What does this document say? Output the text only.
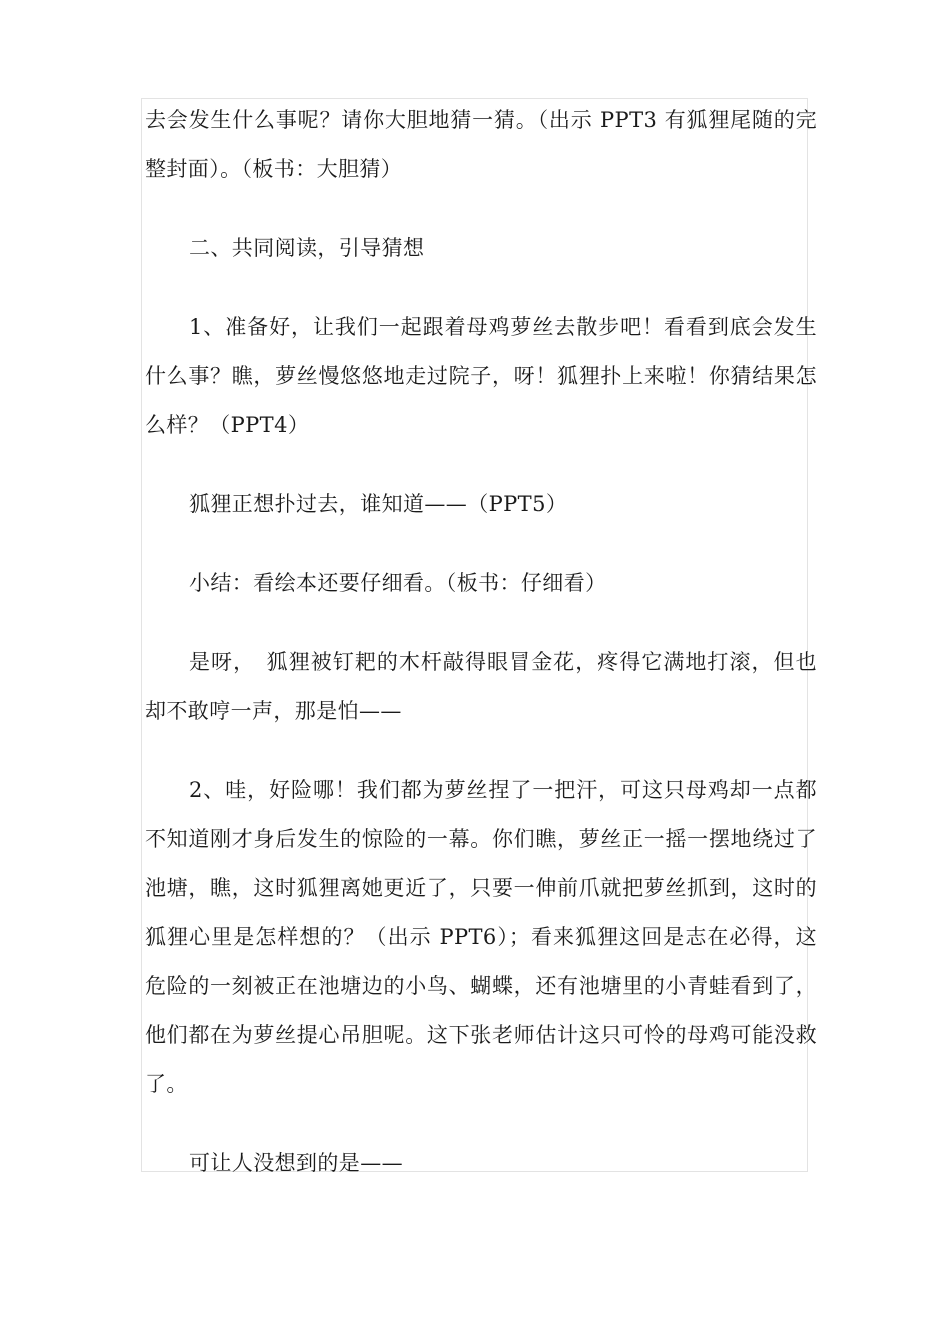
去会发生什么事呢？请你大胆地猜一猜。（出示 PPT3 有狐狸尾随的完整封面）。（板书：大胆猜）

二、共同阅读，引导猜想

1、准备好，让我们一起跟着母鸡萝丝去散步吧！看看到底会发生什么事？瞧，萝丝慢悠悠地走过院子，呀！狐狸扑上来啦！你猜结果怎么样？（PPT4）

狐狸正想扑过去，谁知道——（PPT5）

小结：看绘本还要仔细看。（板书：仔细看）

是呀，　狐狸被钉耙的木杆敲得眼冒金花，疼得它满地打滚，但也却不敢哼一声，那是怕——

2、哇，好险哪！我们都为萝丝捏了一把汗，可这只母鸡却一点都不知道刚才身后发生的惊险的一幕。你们瞧，萝丝正一摇一摆地绕过了池塘，瞧，这时狐狸离她更近了，只要一伸前爪就把萝丝抓到，这时的狐狸心里是怎样想的？（出示 PPT6）；看来狐狸这回是志在必得，这危险的一刻被正在池塘边的小鸟、蝴蝶，还有池塘里的小青蛙看到了，他们都在为萝丝提心吊胆呢。这下张老师估计这只可怜的母鸡可能没救了。

可让人没想到的是——
